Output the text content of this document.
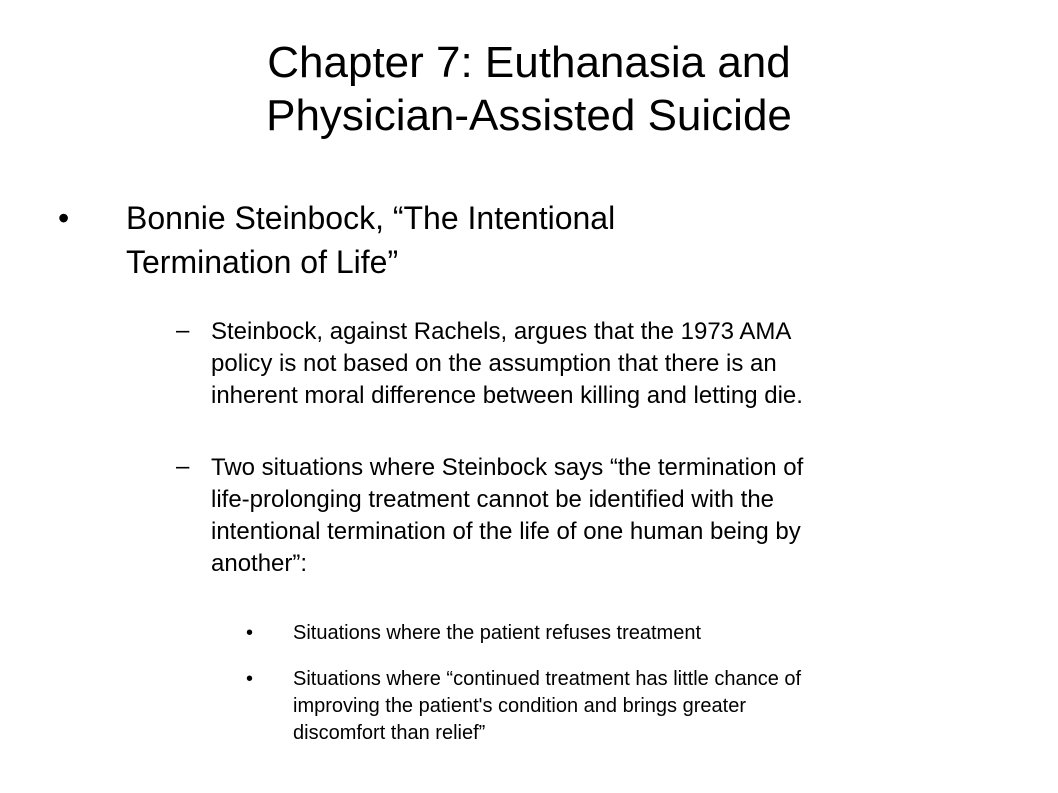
Chapter 7: Euthanasia and
Physician-Assisted Suicide
• Bonnie Steinbock, “The Intentional
Termination of Life”
– Steinbock, against Rachels, argues that the 1973 AMA
policy is not based on the assumption that there is an
inherent moral difference between killing and letting die.
– Two situations where Steinbock says “the termination of
life-prolonging treatment cannot be identified with the
intentional termination of the life of one human being by
another”:
• Situations where the patient refuses treatment
• Situations where “continued treatment has little chance of
improving the patient's condition and brings greater
discomfort than relief”
